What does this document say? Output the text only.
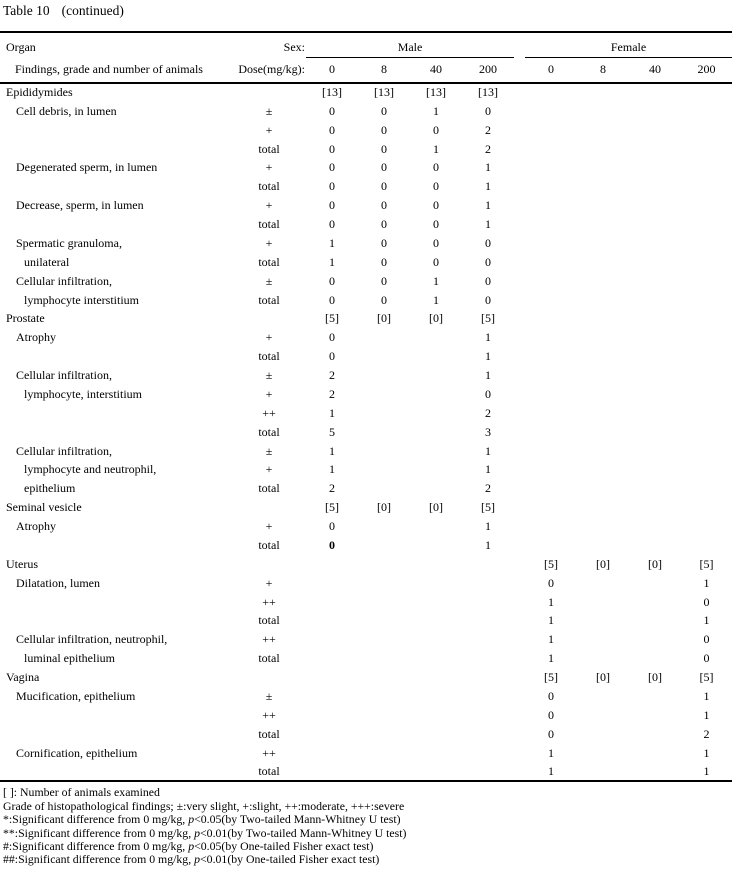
Table 10 (continued)
Organ	Sex:	Male					Female			
Findings, grade and number of animals	Dose(mg/kg):	0	8	40	200		0	8	40	200
Epididymides		[13]	[13]	[13]	[13]					
Cell debris, in lumen	±	0	0	1	0					
	+	0	0	0	2					
	total	0	0	1	2					
Degenerated sperm, in lumen	+	0	0	0	1					
	total	0	0	0	1					
Decrease, sperm, in lumen	+	0	0	0	1					
	total	0	0	0	1					
Spermatic granuloma,	+	1	0	0	0					
unilateral	total	1	0	0	0					
Cellular infiltration,	±	0	0	1	0					
lymphocyte interstitium	total	0	0	1	0					
Prostate		[5]	[0]	[0]	[5]					
Atrophy	+	0			1					
	total	0			1					
Cellular infiltration,	±	2			1					
lymphocyte, interstitium	+	2			0					
	++	1			2					
	total	5			3					
Cellular infiltration,	±	1			1					
lymphocyte and neutrophil,	+	1			1					
epithelium	total	2			2					
Seminal vesicle		[5]	[0]	[0]	[5]					
Atrophy	+	0			1					
	total	0			1					
Uterus							[5]	[0]	[0]	[5]
Dilatation, lumen	+						0			1
	++						1			0
	total						1			1
Cellular infiltration, neutrophil,	++						1			0
luminal epithelium	total						1			0
Vagina							[5]	[0]	[0]	[5]
Mucification, epithelium	±						0			1
	++						0			1
	total						0			2
Cornification, epithelium	++						1			1
	total						1			1
[ ]: Number of animals examined
Grade of histopathological findings; ±:very slight, +:slight, ++:moderate, +++:severe
*:Significant difference from 0 mg/kg, p<0.05(by Two-tailed Mann-Whitney U test)
**:Significant difference from 0 mg/kg, p<0.01(by Two-tailed Mann-Whitney U test)
#:Significant difference from 0 mg/kg, p<0.05(by One-tailed Fisher exact test)
##:Significant difference from 0 mg/kg, p<0.01(by One-tailed Fisher exact test)
